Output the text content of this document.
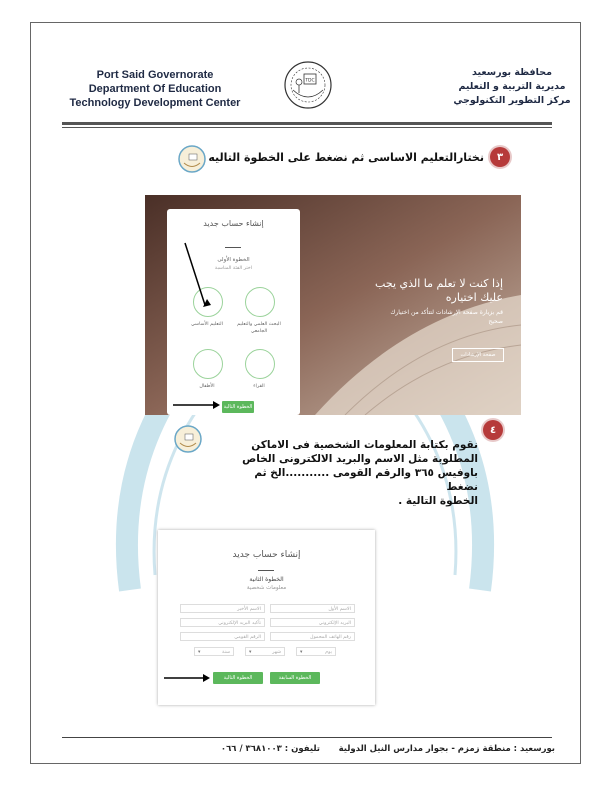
Port Said Governorate
Department Of Education
Technology Development Center
TDC
محافظة بورسعيد
مديرية التربية و التعليم
مركز التطوير التكنولوجي
٣
نختارالتعليم الاساسى ثم نضغط على الخطوة التاليه
إنشاء حساب جديد
الخطوة الأولى
اختر الفئة المناسبة
البحث العلمي والتعليم الجامعي
التعليم الأساسي
الأطفال	القراء
الخطوة التالية
إذا كنت لا تعلم ما الذي يجب
عليك اختياره
قم بزيارة صفحة الإرشادات لتتأكد من اختيارك
صحيح
صفحة الإرشادات
٤
نقوم بكتابة المعلومات الشخصية فى الاماكن
المطلوبة مثل الاسم والبريد الالكترونى الخاص
باوفيس ٣٦٥ والرقم القومى ...........الخ ثم نضغط
الخطوة التالية .
إنشاء حساب جديد
الخطوة الثانية
معلومات شخصية
الاسم الأول
الاسم الأخير
البريد الإلكتروني
تأكيد البريد الإلكتروني
رقم الهاتف المحمول
الرقم القومي
يوم
▾
شهر
▾
سنة
▾
الخطوة السابقة
الخطوة التالية
بورسعيد : منطقة زمزم - بجوار مدارس النيل الدولية
تليفون : ٣٦٨١٠٠٣ / ٠٦٦
